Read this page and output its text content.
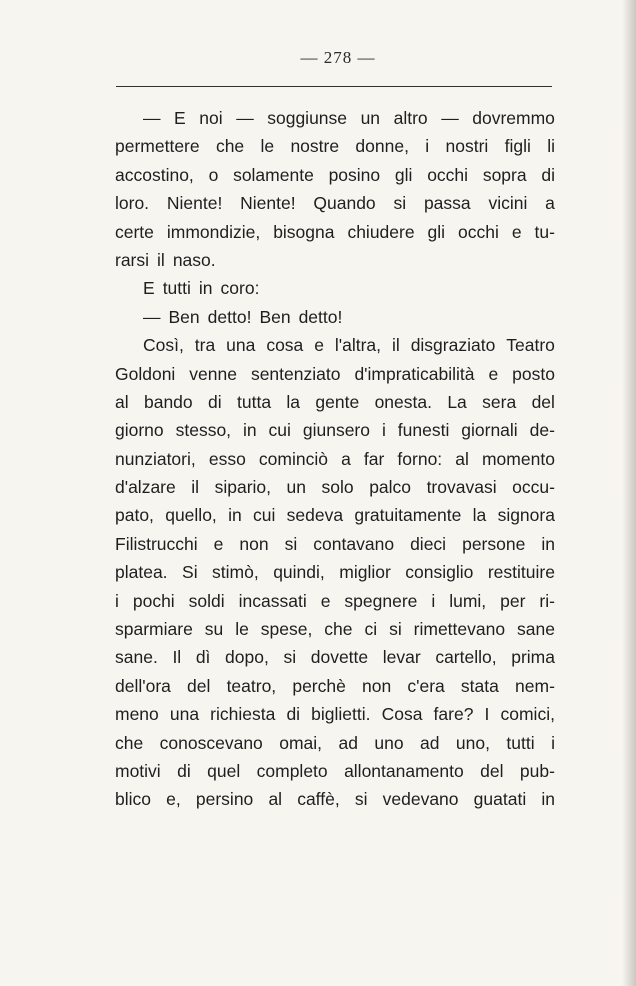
— 278 —
— E noi — soggiunse un altro — dovremmo
permettere che le nostre donne, i nostri figli li
accostino, o solamente posino gli occhi sopra di
loro. Niente! Niente! Quando si passa vicini a
certe immondizie, bisogna chiudere gli occhi e tu-
rarsi il naso.
E tutti in coro:
— Ben detto! Ben detto!
Così, tra una cosa e l'altra, il disgraziato Teatro
Goldoni venne sentenziato d'impraticabilità e posto
al bando di tutta la gente onesta. La sera del
giorno stesso, in cui giunsero i funesti giornali de-
nunziatori, esso cominciò a far forno: al momento
d'alzare il sipario, un solo palco trovavasi occu-
pato, quello, in cui sedeva gratuitamente la signora
Filistrucchi e non si contavano dieci persone in
platea. Si stimò, quindi, miglior consiglio restituire
i pochi soldi incassati e spegnere i lumi, per ri-
sparmiare su le spese, che ci si rimettevano sane
sane. Il dì dopo, si dovette levar cartello, prima
dell'ora del teatro, perchè non c'era stata nem-
meno una richiesta di biglietti. Cosa fare? I comici,
che conoscevano omai, ad uno ad uno, tutti i
motivi di quel completo allontanamento del pub-
blico e, persino al caffè, si vedevano guatati in
